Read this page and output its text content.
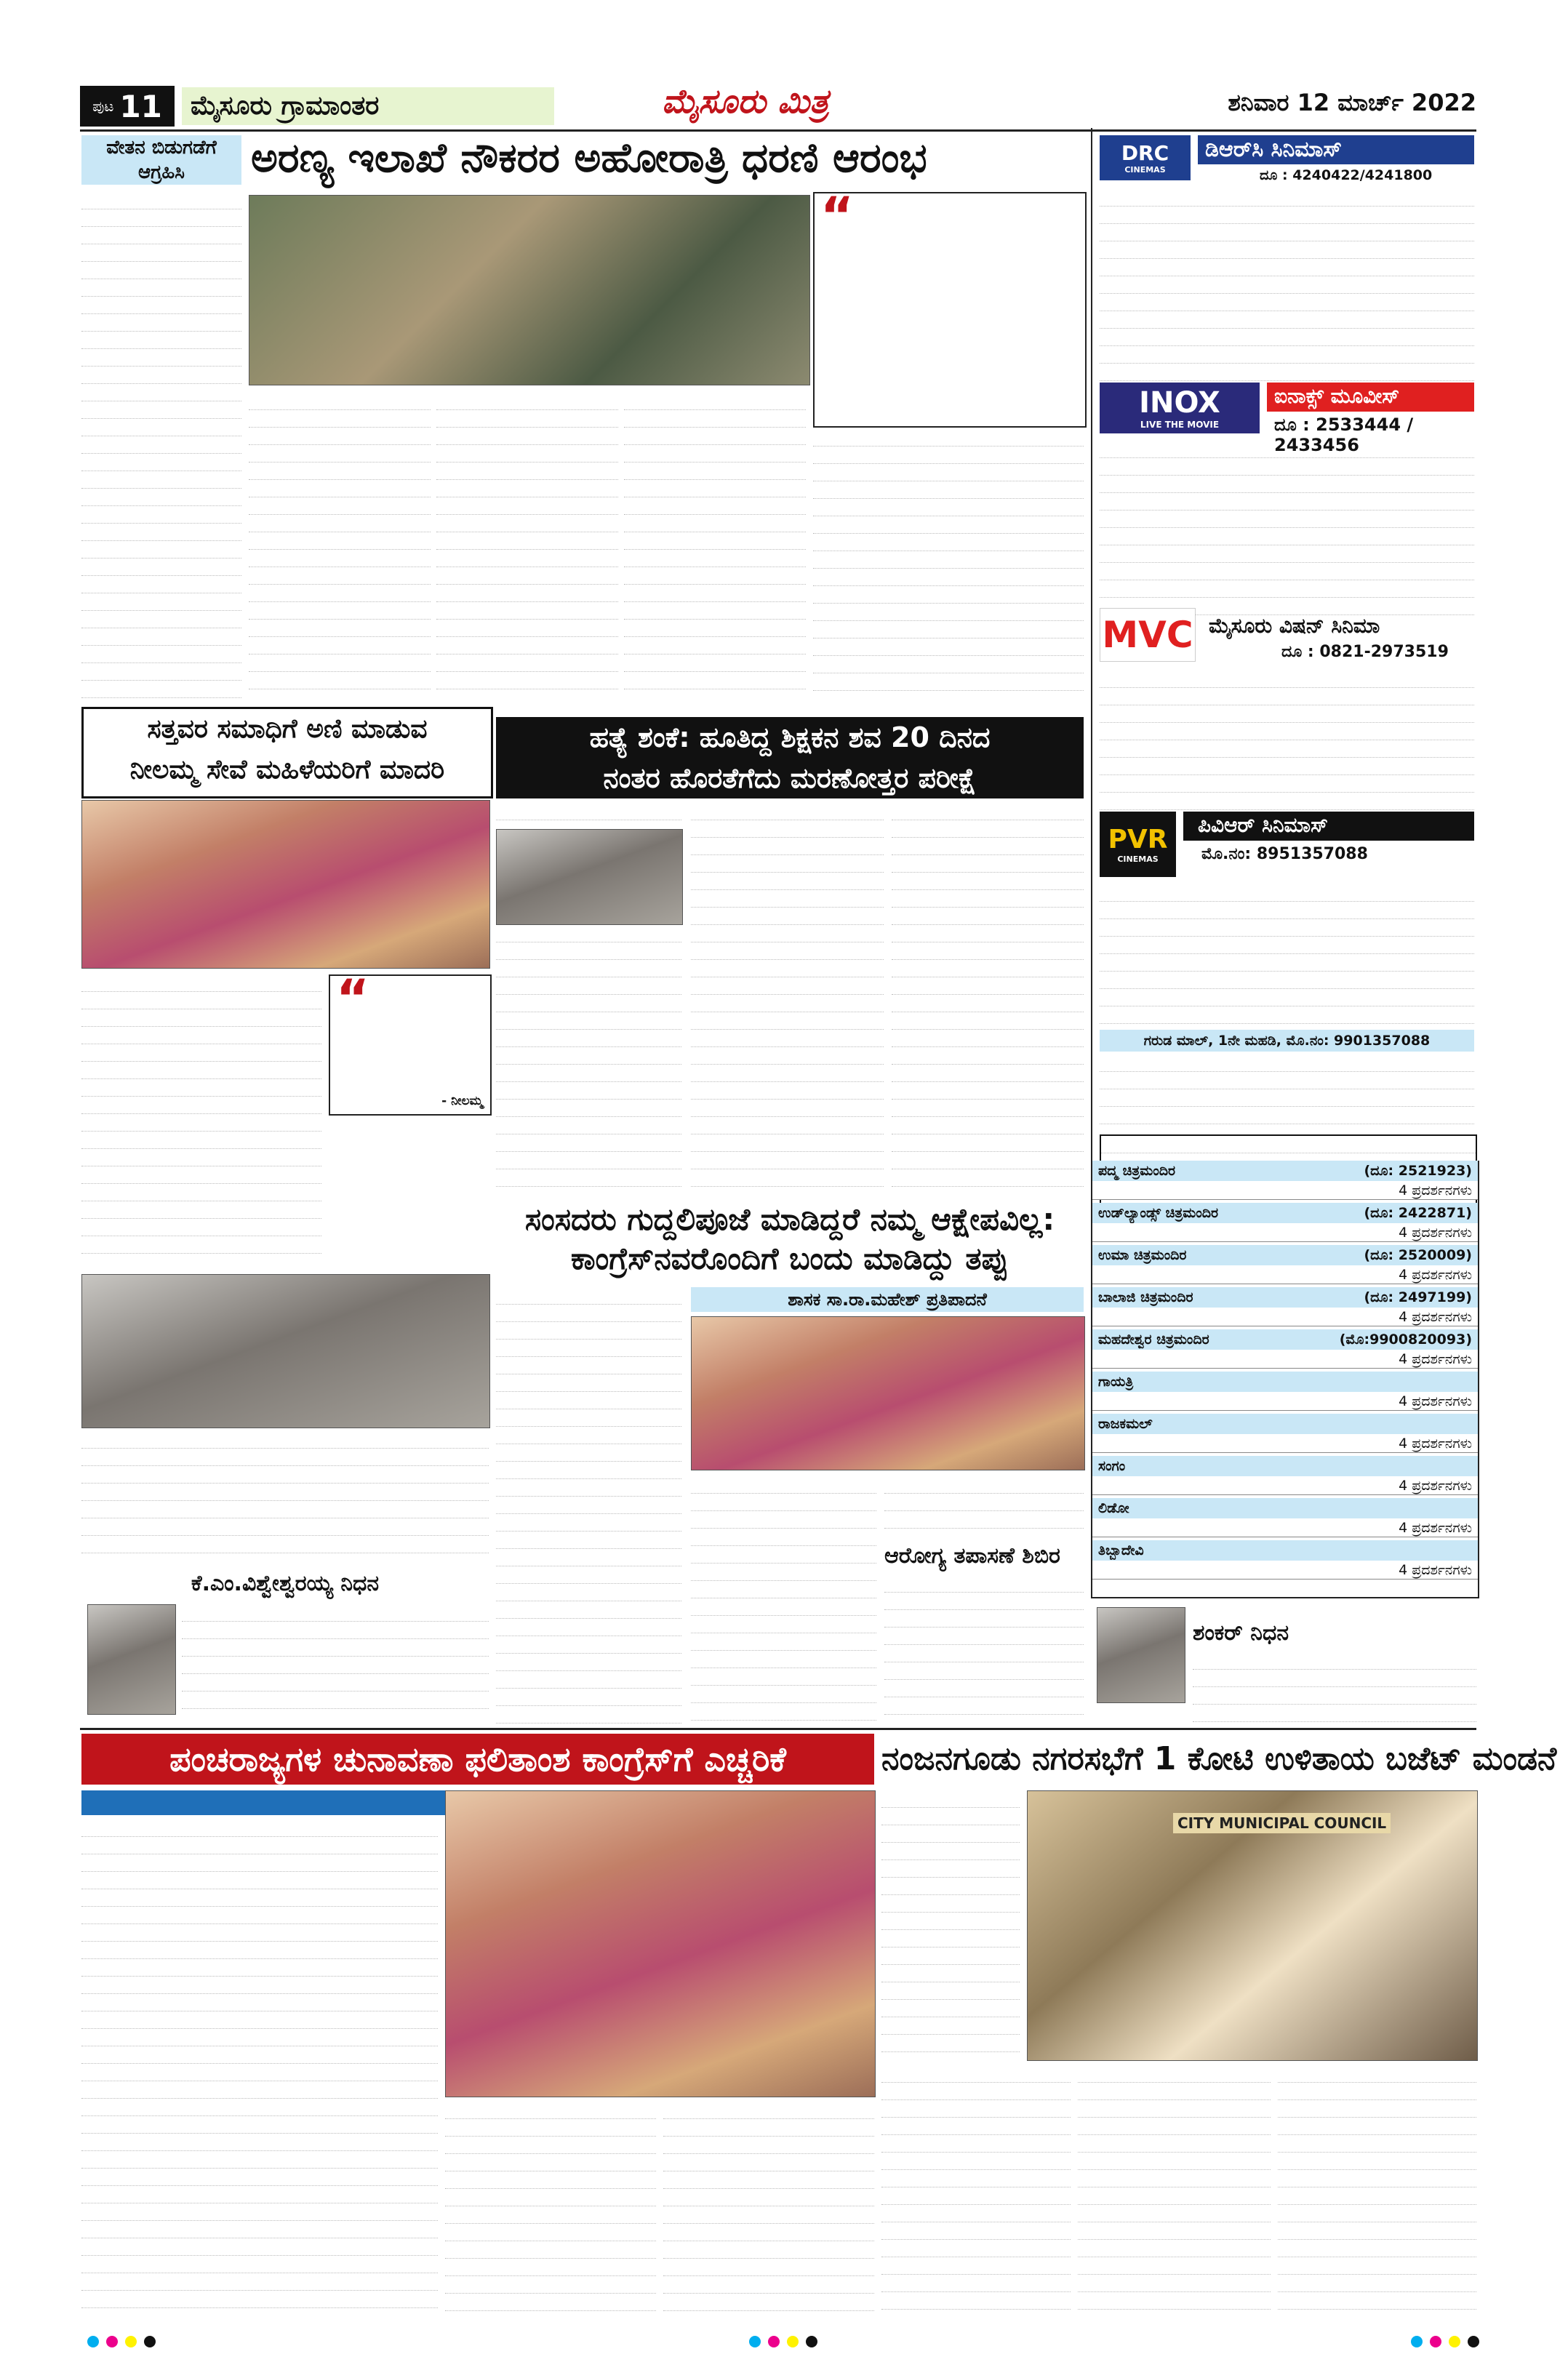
ಪುಟ 11	ಮೈಸೂರು ಗ್ರಾಮಾಂತರ	ಮೈಸೂರು ಮಿತ್ರ	ಶನಿವಾರ 12 ಮಾರ್ಚ್ 2022
ವೇತನ ಬಿಡುಗಡೆಗೆ ಆಗ್ರಹಿಸಿ	ಅರಣ್ಯ ಇಲಾಖೆ ನೌಕರರ ಅಹೋರಾತ್ರಿ ಧರಣಿ ಆರಂಭ
“
ಸತ್ತವರ ಸಮಾಧಿಗೆ ಅಣಿ ಮಾಡುವ
ನೀಲಮ್ಮ ಸೇವೆ ಮಹಿಳೆಯರಿಗೆ ಮಾದರಿ
“
- ನೀಲಮ್ಮ
ಹತ್ಯೆ ಶಂಕೆ: ಹೂತಿದ್ದ ಶಿಕ್ಷಕನ ಶವ 20 ದಿನದ
ನಂತರ ಹೊರತೆಗೆದು ಮರಣೋತ್ತರ ಪರೀಕ್ಷೆ
ಸಂಸದರು ಗುದ್ದಲಿಪೂಜೆ ಮಾಡಿದ್ದರೆ ನಮ್ಮ ಆಕ್ಷೇಪವಿಲ್ಲ:
ಕಾಂಗ್ರೆಸ್‌ನವರೊಂದಿಗೆ ಬಂದು ಮಾಡಿದ್ದು ತಪ್ಪು
ಶಾಸಕ ಸಾ.ರಾ.ಮಹೇಶ್ ಪ್ರತಿಪಾದನೆ
ಆರೋಗ್ಯ ತಪಾಸಣೆ ಶಿಬಿರ
ಕೆ.ಎಂ.ವಿಶ್ವೇಶ್ವರಯ್ಯ ನಿಧನ
DRC
CINEMAS
ಡಿಆರ್‌ಸಿ ಸಿನಿಮಾಸ್
ದೂ : 4240422/4241800
INOX
LIVE THE MOVIE
ಐನಾಕ್ಸ್ ಮೂವೀಸ್
ದೂ : 2533444 / 2433456
MVC ಮೈಸೂರು ವಿಷನ್ ಸಿನಿಮಾ
ದೂ : 0821-2973519
PVR
CINEMAS
ಪಿವಿಆರ್ ಸಿನಿಮಾಸ್
ಮೊ.ನಂ: 8951357088
ಗರುಡ ಮಾಲ್, 1ನೇ ಮಹಡಿ, ಮೊ.ನಂ: 9901357088
ಪದ್ಮ ಚಿತ್ರಮಂದಿರ	(ದೂ: 2521923)
4 ಪ್ರದರ್ಶನಗಳು
ಉಡ್‌ಲ್ಯಾಂಡ್ಸ್ ಚಿತ್ರಮಂದಿರ	(ದೂ: 2422871)
4 ಪ್ರದರ್ಶನಗಳು
ಉಮಾ ಚಿತ್ರಮಂದಿರ	(ದೂ: 2520009)
4 ಪ್ರದರ್ಶನಗಳು
ಬಾಲಾಜಿ ಚಿತ್ರಮಂದಿರ	(ದೂ: 2497199)
4 ಪ್ರದರ್ಶನಗಳು
ಮಹದೇಶ್ವರ ಚಿತ್ರಮಂದಿರ	(ಮೊ:9900820093)
4 ಪ್ರದರ್ಶನಗಳು
ಗಾಯತ್ರಿ
4 ಪ್ರದರ್ಶನಗಳು
ರಾಜಕಮಲ್
4 ಪ್ರದರ್ಶನಗಳು
ಸಂಗಂ
4 ಪ್ರದರ್ಶನಗಳು
ಲಿಡೋ
4 ಪ್ರದರ್ಶನಗಳು
ತಿಬ್ಬಾದೇವಿ
4 ಪ್ರದರ್ಶನಗಳು
ಶಂಕರ್ ನಿಧನ
ಪಂಚರಾಜ್ಯಗಳ ಚುನಾವಣಾ ಫಲಿತಾಂಶ ಕಾಂಗ್ರೆಸ್‌ಗೆ ಎಚ್ಚರಿಕೆ	ನಂಜನಗೂಡು ನಗರಸಭೆಗೆ 1 ಕೋಟಿ ಉಳಿತಾಯ ಬಜೆಟ್ ಮಂಡನೆ
CITY MUNICIPAL COUNCIL
